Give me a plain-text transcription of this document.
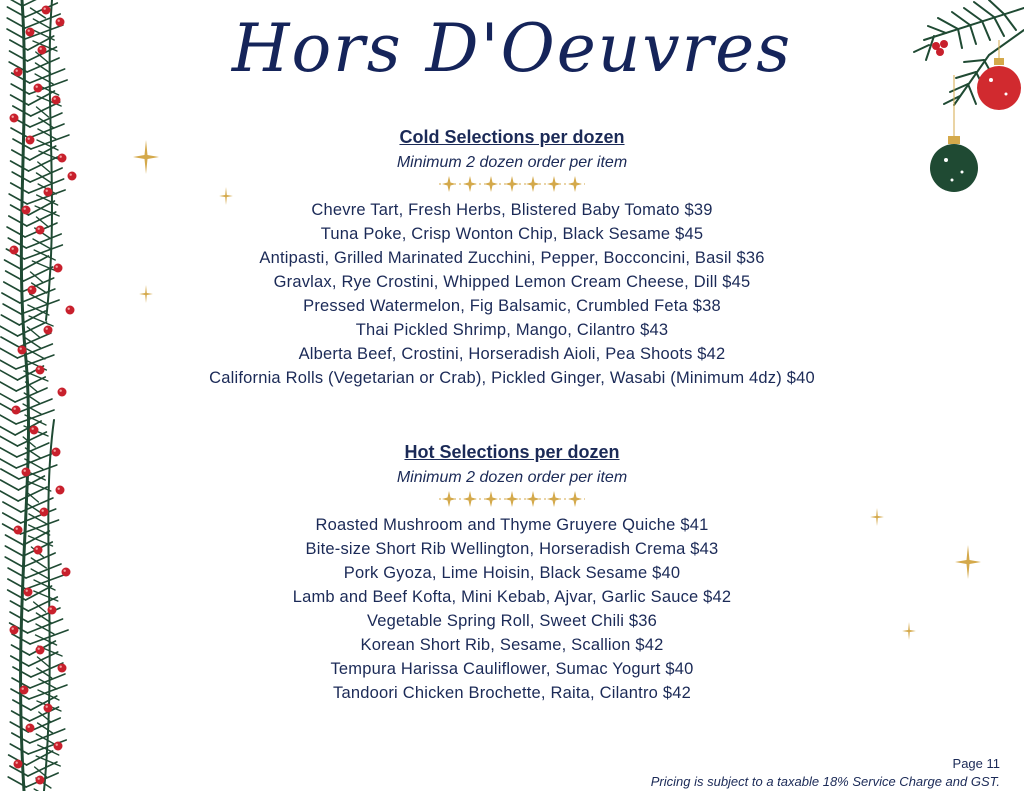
Hors D'Oeuvres
Cold Selections per dozen
Minimum 2 dozen order per item
Chevre Tart, Fresh Herbs, Blistered Baby Tomato $39
Tuna Poke, Crisp Wonton Chip, Black Sesame $45
Antipasti, Grilled Marinated Zucchini, Pepper, Bocconcini, Basil $36
Gravlax, Rye Crostini, Whipped Lemon Cream Cheese, Dill $45
Pressed Watermelon, Fig Balsamic, Crumbled Feta $38
Thai Pickled Shrimp, Mango, Cilantro $43
Alberta Beef, Crostini, Horseradish Aioli, Pea Shoots $42
California Rolls (Vegetarian or Crab), Pickled Ginger, Wasabi (Minimum 4dz) $40
Hot Selections per dozen
Minimum 2 dozen order per item
Roasted Mushroom and Thyme Gruyere Quiche $41
Bite-size Short Rib Wellington, Horseradish Crema $43
Pork Gyoza, Lime Hoisin, Black Sesame $40
Lamb and Beef Kofta, Mini Kebab, Ajvar, Garlic Sauce $42
Vegetable Spring Roll, Sweet Chili $36
Korean Short Rib, Sesame, Scallion $42
Tempura Harissa Cauliflower, Sumac Yogurt $40
Tandoori Chicken Brochette, Raita, Cilantro $42
Page 11
Pricing is subject to a taxable 18% Service Charge and GST.
